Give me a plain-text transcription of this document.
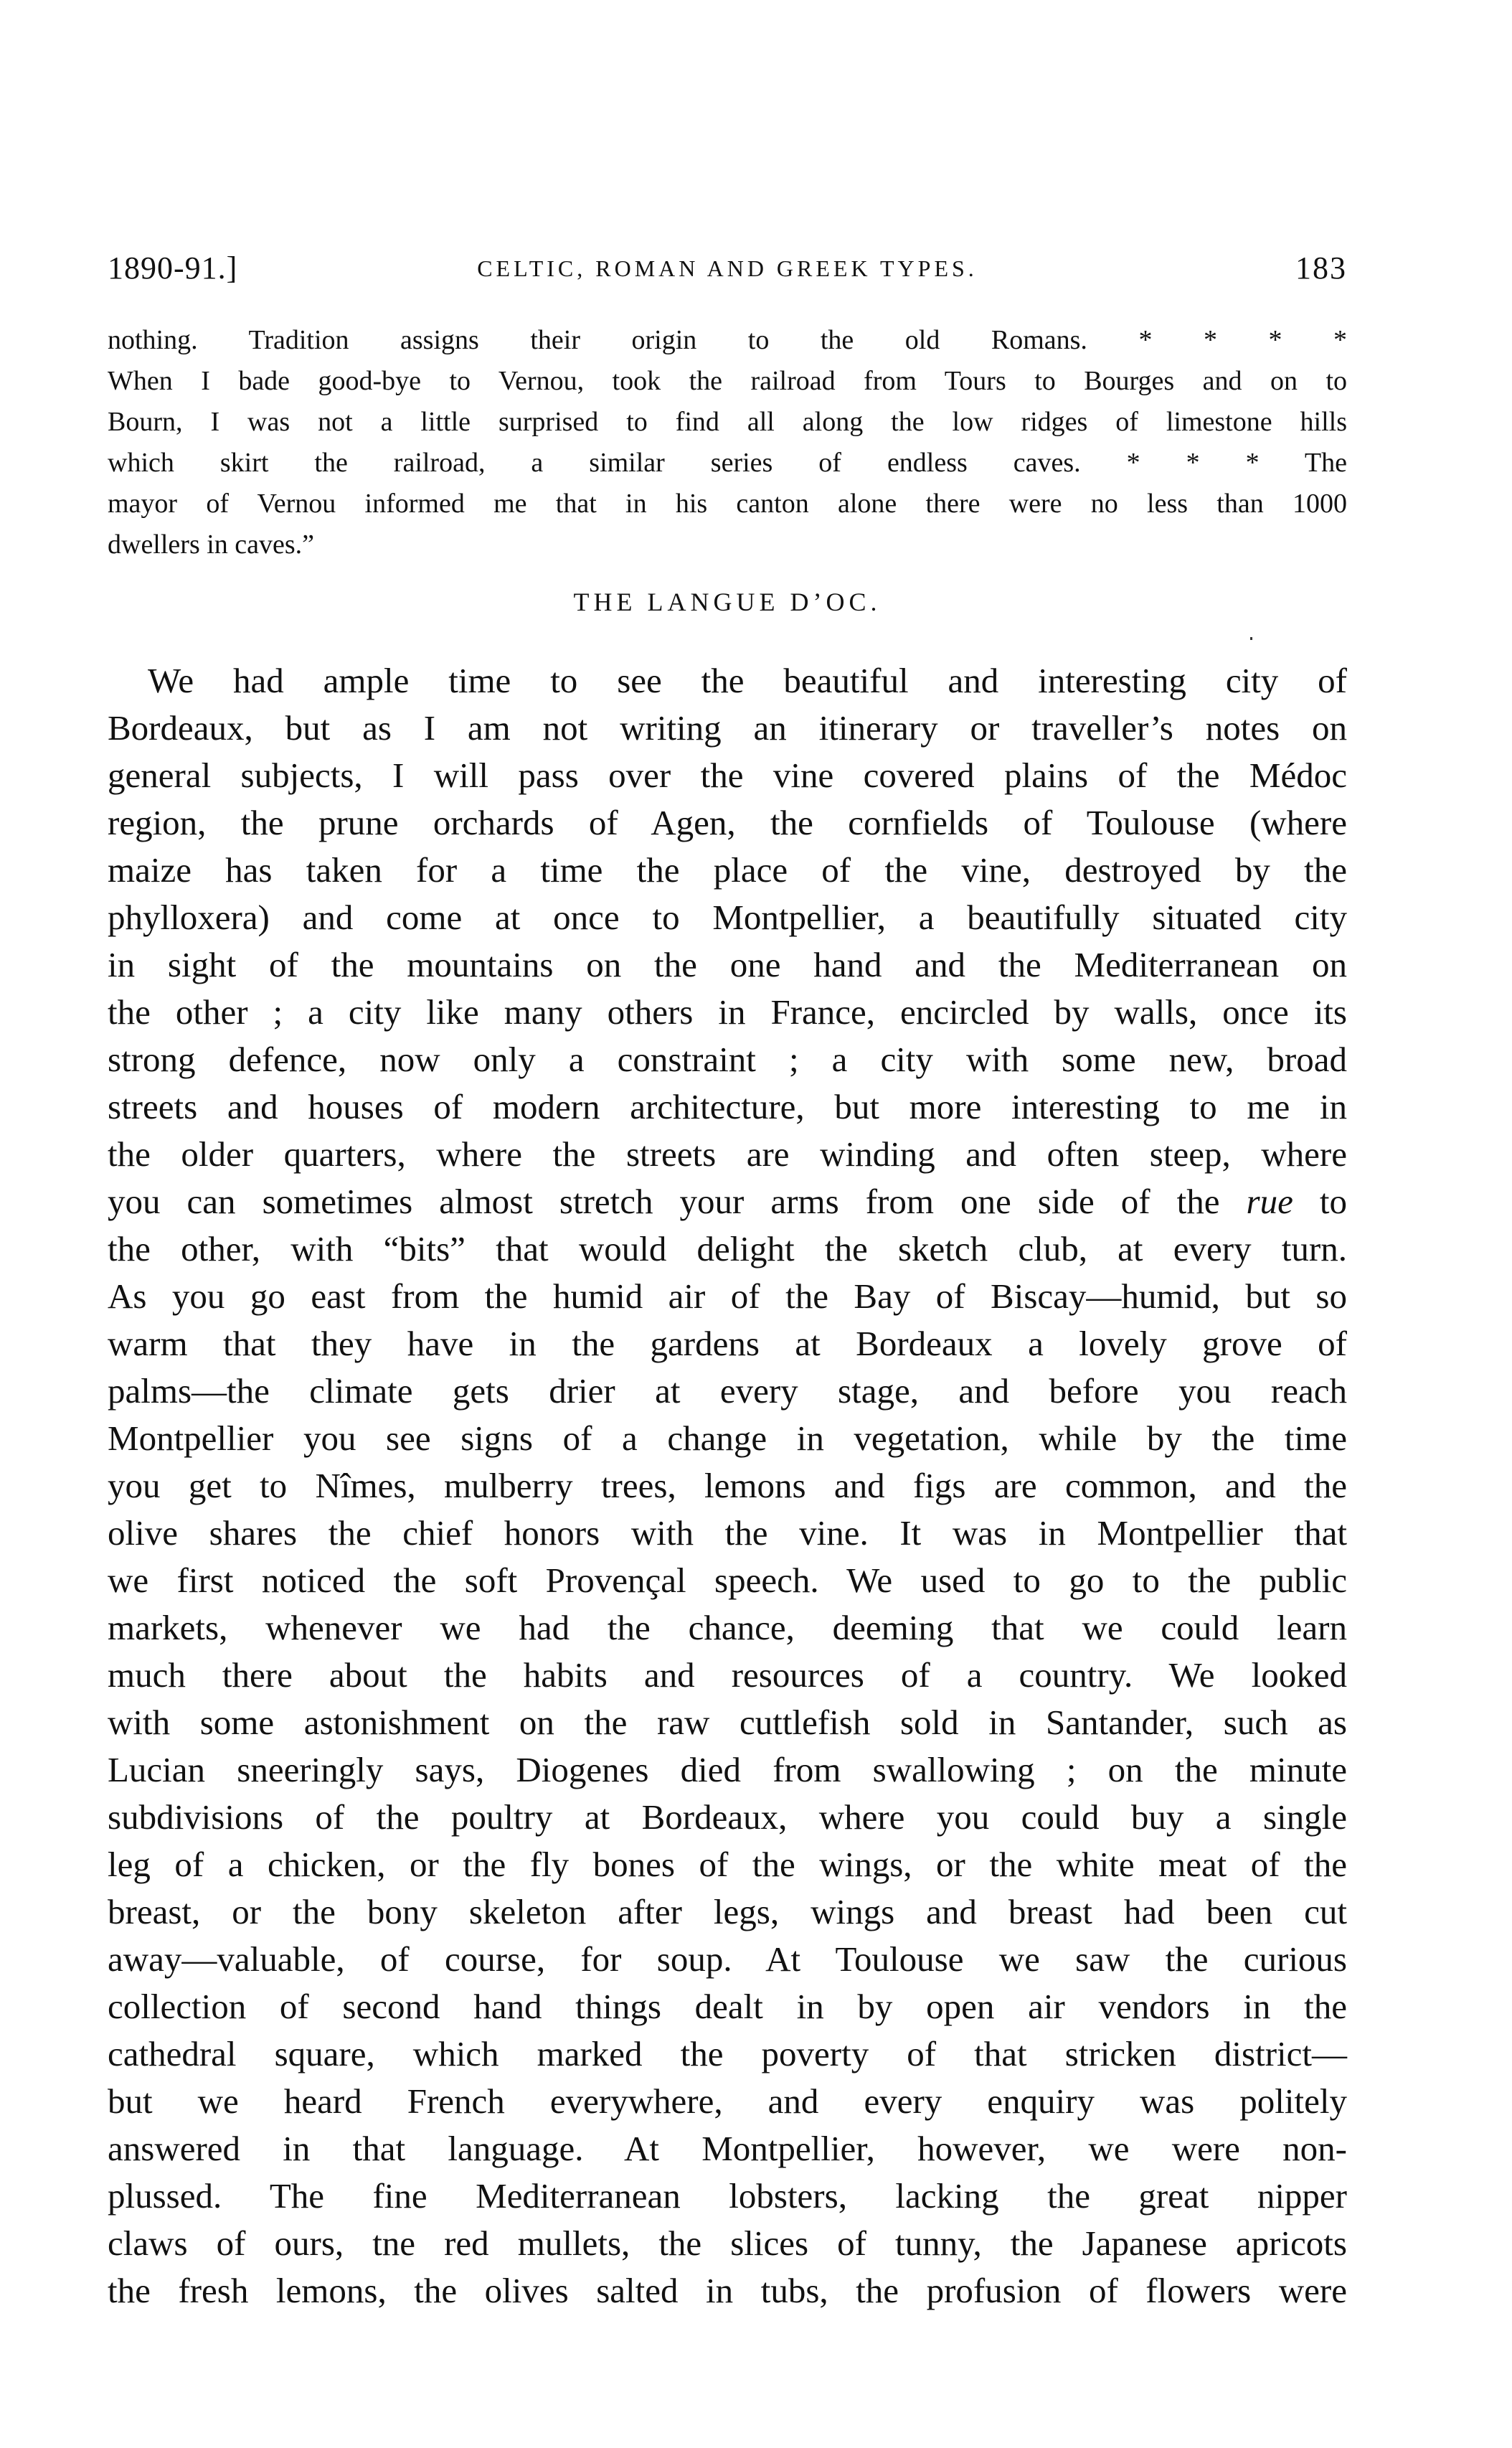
1890-91.]	CELTIC, ROMAN AND GREEK TYPES.	183
nothing. Tradition assigns their origin to the old Romans. * * * *
When I bade good-bye to Vernou, took the railroad from Tours to Bourges and on to
Bourn, I was not a little surprised to find all along the low ridges of limestone hills
which skirt the railroad, a similar series of endless caves. * * * The
mayor of Vernou informed me that in his canton alone there were no less than 1000
dwellers in caves.”
THE LANGUE D’OC.
We had ample time to see the beautiful and interesting city of
Bordeaux, but as I am not writing an itinerary or traveller’s notes on
general subjects, I will pass over the vine covered plains of the Médoc
region, the prune orchards of Agen, the cornfields of Toulouse (where
maize has taken for a time the place of the vine, destroyed by the
phylloxera) and come at once to Montpellier, a beautifully situated city
in sight of the mountains on the one hand and the Mediterranean on
the other ; a city like many others in France, encircled by walls, once its
strong defence, now only a constraint ; a city with some new, broad
streets and houses of modern architecture, but more interesting to me in
the older quarters, where the streets are winding and often steep, where
you can sometimes almost stretch your arms from one side of the rue to
the other, with “bits” that would delight the sketch club, at every turn.
As you go east from the humid air of the Bay of Biscay—humid, but so
warm that they have in the gardens at Bordeaux a lovely grove of
palms—the climate gets drier at every stage, and before you reach
Montpellier you see signs of a change in vegetation, while by the time
you get to Nîmes, mulberry trees, lemons and figs are common, and the
olive shares the chief honors with the vine. It was in Montpellier that
we first noticed the soft Provençal speech. We used to go to the public
markets, whenever we had the chance, deeming that we could learn
much there about the habits and resources of a country. We looked
with some astonishment on the raw cuttlefish sold in Santander, such as
Lucian sneeringly says, Diogenes died from swallowing ; on the minute
subdivisions of the poultry at Bordeaux, where you could buy a single
leg of a chicken, or the fly bones of the wings, or the white meat of the
breast, or the bony skeleton after legs, wings and breast had been cut
away—valuable, of course, for soup. At Toulouse we saw the curious
collection of second hand things dealt in by open air vendors in the
cathedral square, which marked the poverty of that stricken district—
but we heard French everywhere, and every enquiry was politely
answered in that language. At Montpellier, however, we were non-
plussed. The fine Mediterranean lobsters, lacking the great nipper
claws of ours, tne red mullets, the slices of tunny, the Japanese apricots
the fresh lemons, the olives salted in tubs, the profusion of flowers were
